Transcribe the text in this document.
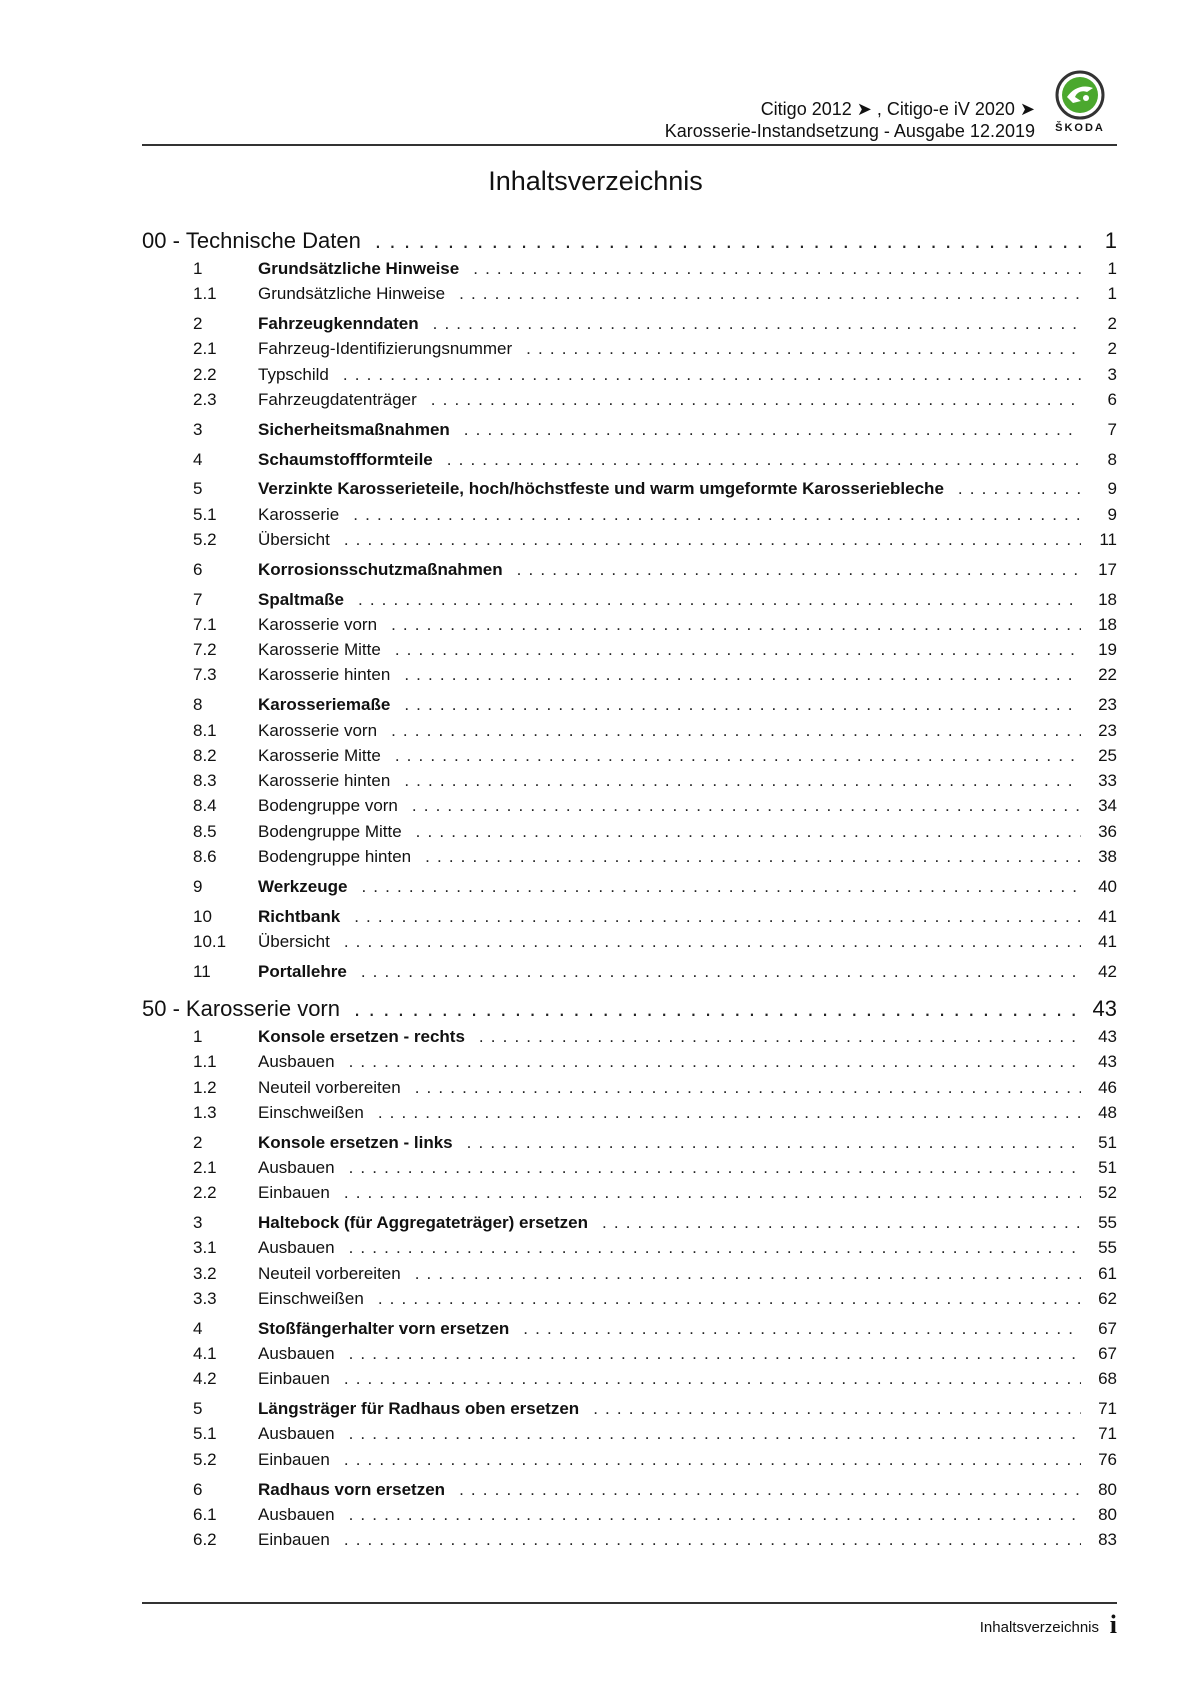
Citigo 2012 ➤ , Citigo-e iV 2020 ➤
Karosserie-Instandsetzung - Ausgabe 12.2019	ŠKODA
Inhaltsverzeichnis
00 - Technische Daten . . .	1
1	Grundsätzliche Hinweise . . .	1
1.1	Grundsätzliche Hinweise . . .	1
2	Fahrzeugkenndaten . . .	2
2.1	Fahrzeug-Identifizierungsnummer . . .	2
2.2	Typschild . . .	3
2.3	Fahrzeugdatenträger . . .	6
3	Sicherheitsmaßnahmen . . .	7
4	Schaumstoffformteile . . .	8
5	Verzinkte Karosserieteile, hoch/höchstfeste und warm umgeformte Karosseriebleche . . .	9
5.1	Karosserie . . .	9
5.2	Übersicht . . .	11
6	Korrosionsschutzmaßnahmen . . .	17
7	Spaltmaße . . .	18
7.1	Karosserie vorn . . .	18
7.2	Karosserie Mitte . . .	19
7.3	Karosserie hinten . . .	22
8	Karosseriemaße . . .	23
8.1	Karosserie vorn . . .	23
8.2	Karosserie Mitte . . .	25
8.3	Karosserie hinten . . .	33
8.4	Bodengruppe vorn . . .	34
8.5	Bodengruppe Mitte . . .	36
8.6	Bodengruppe hinten . . .	38
9	Werkzeuge . . .	40
10	Richtbank . . .	41
10.1	Übersicht . . .	41
11	Portallehre . . .	42
50 - Karosserie vorn . . .	43
1	Konsole ersetzen - rechts . . .	43
1.1	Ausbauen . . .	43
1.2	Neuteil vorbereiten . . .	46
1.3	Einschweißen . . .	48
2	Konsole ersetzen - links . . .	51
2.1	Ausbauen . . .	51
2.2	Einbauen . . .	52
3	Haltebock (für Aggregateträger) ersetzen . . .	55
3.1	Ausbauen . . .	55
3.2	Neuteil vorbereiten . . .	61
3.3	Einschweißen . . .	62
4	Stoßfängerhalter vorn ersetzen . . .	67
4.1	Ausbauen . . .	67
4.2	Einbauen . . .	68
5	Längsträger für Radhaus oben ersetzen . . .	71
5.1	Ausbauen . . .	71
5.2	Einbauen . . .	76
6	Radhaus vorn ersetzen . . .	80
6.1	Ausbauen . . .	80
6.2	Einbauen . . .	83
Inhaltsverzeichnis i
